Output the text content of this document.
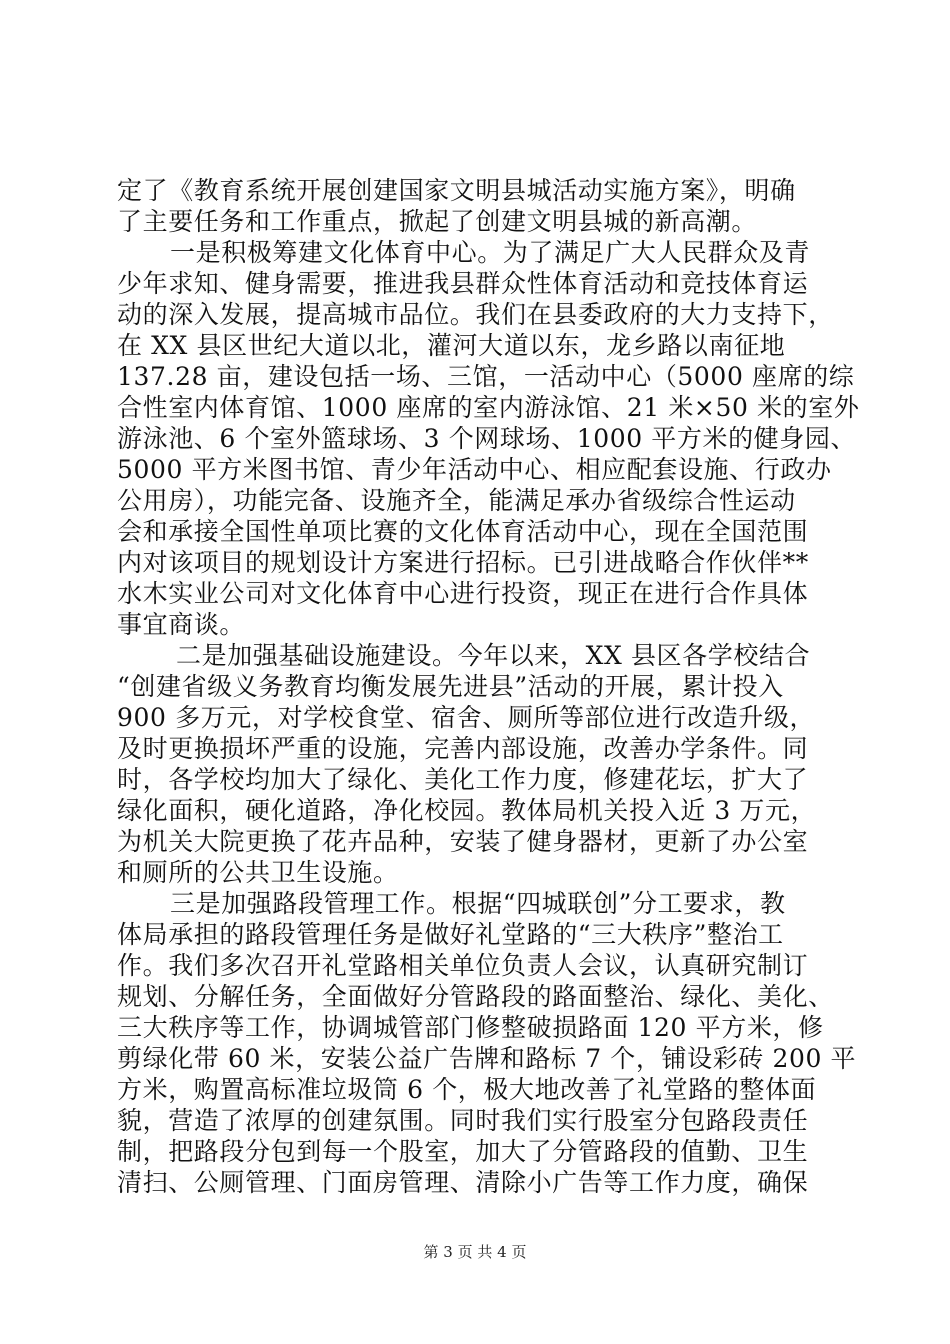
定了《教育系统开展创建国家文明县城活动实施方案》，明确
了主要任务和工作重点，掀起了创建文明县城的新高潮。
一是积极筹建文化体育中心。为了满足广大人民群众及青
少年求知、健身需要，推进我县群众性体育活动和竞技体育运
动的深入发展，提高城市品位。我们在县委政府的大力支持下，
在 XX 县区世纪大道以北，灌河大道以东，龙乡路以南征地
137.28 亩，建设包括一场、三馆，一活动中心（5000 座席的综
合性室内体育馆、1000 座席的室内游泳馆、21 米×50 米的室外
游泳池、6 个室外篮球场、3 个网球场、1000 平方米的健身园、
5000 平方米图书馆、青少年活动中心、相应配套设施、行政办
公用房），功能完备、设施齐全，能满足承办省级综合性运动
会和承接全国性单项比赛的文化体育活动中心，现在全国范围
内对该项目的规划设计方案进行招标。已引进战略合作伙伴**
水木实业公司对文化体育中心进行投资，现正在进行合作具体
事宜商谈。
二是加强基础设施建设。今年以来，XX 县区各学校结合
“创建省级义务教育均衡发展先进县”活动的开展，累计投入
900 多万元，对学校食堂、宿舍、厕所等部位进行改造升级，
及时更换损坏严重的设施，完善内部设施，改善办学条件。同
时，各学校均加大了绿化、美化工作力度，修建花坛，扩大了
绿化面积，硬化道路，净化校园。教体局机关投入近 3 万元，
为机关大院更换了花卉品种，安装了健身器材，更新了办公室
和厕所的公共卫生设施。
三是加强路段管理工作。根据“四城联创”分工要求，教
体局承担的路段管理任务是做好礼堂路的“三大秩序”整治工
作。我们多次召开礼堂路相关单位负责人会议，认真研究制订
规划、分解任务，全面做好分管路段的路面整治、绿化、美化、
三大秩序等工作，协调城管部门修整破损路面 120 平方米，修
剪绿化带 60 米，安装公益广告牌和路标 7 个，铺设彩砖 200 平
方米，购置高标准垃圾筒 6 个，极大地改善了礼堂路的整体面
貌，营造了浓厚的创建氛围。同时我们实行股室分包路段责任
制，把路段分包到每一个股室，加大了分管路段的值勤、卫生
清扫、公厕管理、门面房管理、清除小广告等工作力度，确保
第 3 页 共 4 页
